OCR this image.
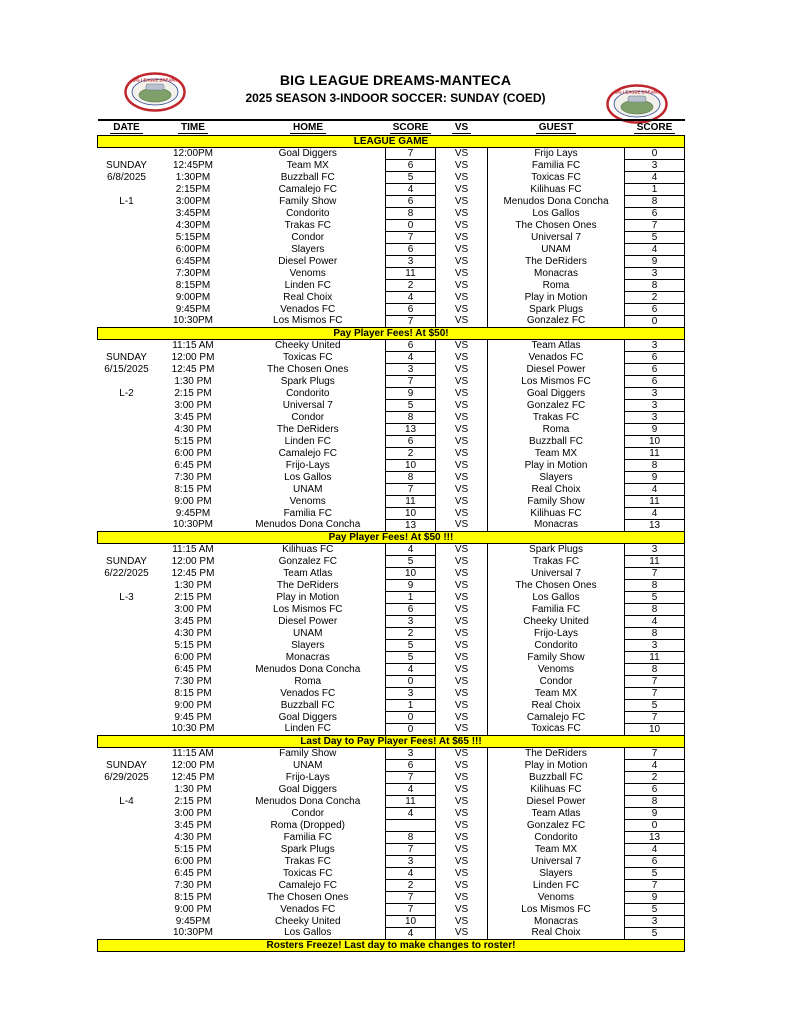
BIG LEAGUE DREAMS-MANTECA
2025 SEASON 3-INDOOR SOCCER: SUNDAY (COED)
BIG LEAGUE DREAMS
BIG LEAGUE DREAMS
DATE	TIME	HOME	SCORE	VS	GUEST	SCORE
LEAGUE GAME						
	12:00PM	Goal Diggers	7	VS	Frijo Lays	0
SUNDAY	12:45PM	Team MX	6	VS	Familia FC	3
6/8/2025	1:30PM	Buzzball FC	5	VS	Toxicas FC	4
	2:15PM	Camalejo FC	4	VS	Kilihuas FC	1
L-1	3:00PM	Family Show	6	VS	Menudos Dona Concha	8
	3:45PM	Condorito	8	VS	Los Gallos	6
	4:30PM	Trakas FC	0	VS	The Chosen Ones	7
	5:15PM	Condor	7	VS	Universal 7	5
	6:00PM	Slayers	6	VS	UNAM	4
	6:45PM	Diesel Power	3	VS	The DeRiders	9
	7:30PM	Venoms	11	VS	Monacras	3
	8:15PM	Linden FC	2	VS	Roma	8
	9:00PM	Real Choix	4	VS	Play in Motion	2
	9:45PM	Venados FC	6	VS	Spark Plugs	6
	10:30PM	Los Mismos FC	7	VS	Gonzalez FC	0
Pay Player Fees! At $50!						
	11:15 AM	Cheeky United	6	VS	Team Atlas	3
SUNDAY	12:00 PM	Toxicas FC	4	VS	Venados FC	6
6/15/2025	12:45 PM	The Chosen Ones	3	VS	Diesel Power	6
	1:30 PM	Spark Plugs	7	VS	Los Mismos FC	6
L-2	2:15 PM	Condorito	9	VS	Goal Diggers	3
	3:00 PM	Universal 7	5	VS	Gonzalez FC	3
	3:45 PM	Condor	8	VS	Trakas FC	3
	4:30 PM	The DeRiders	13	VS	Roma	9
	5:15 PM	Linden FC	6	VS	Buzzball FC	10
	6:00 PM	Camalejo FC	2	VS	Team MX	11
	6:45 PM	Frijo-Lays	10	VS	Play in Motion	8
	7:30 PM	Los Gallos	8	VS	Slayers	9
	8:15 PM	UNAM	7	VS	Real Choix	4
	9:00 PM	Venoms	11	VS	Family Show	11
	9:45PM	Familia FC	10	VS	Kilihuas FC	4
	10:30PM	Menudos Dona Concha	13	VS	Monacras	13
Pay Player Fees! At $50 !!!						
	11:15 AM	Kilihuas FC	4	VS	Spark Plugs	3
SUNDAY	12:00 PM	Gonzalez FC	5	VS	Trakas FC	11
6/22/2025	12:45 PM	Team Atlas	10	VS	Universal 7	7
	1:30 PM	The DeRiders	9	VS	The Chosen Ones	8
L-3	2:15 PM	Play in Motion	1	VS	Los Gallos	5
	3:00 PM	Los Mismos FC	6	VS	Familia FC	8
	3:45 PM	Diesel Power	3	VS	Cheeky United	4
	4:30 PM	UNAM	2	VS	Frijo-Lays	8
	5:15 PM	Slayers	5	VS	Condorito	3
	6:00 PM	Monacras	5	VS	Family Show	11
	6:45 PM	Menudos Dona Concha	4	VS	Venoms	8
	7:30 PM	Roma	0	VS	Condor	7
	8:15 PM	Venados FC	3	VS	Team MX	7
	9:00 PM	Buzzball FC	1	VS	Real Choix	5
	9:45 PM	Goal Diggers	0	VS	Camalejo FC	7
	10:30 PM	Linden FC	0	VS	Toxicas FC	10
Last Day to Pay Player Fees! At $65 !!!						
	11:15 AM	Family Show	3	VS	The DeRiders	7
SUNDAY	12:00 PM	UNAM	6	VS	Play in Motion	4
6/29/2025	12:45 PM	Frijo-Lays	7	VS	Buzzball FC	2
	1:30 PM	Goal Diggers	4	VS	Kilihuas FC	6
L-4	2:15 PM	Menudos Dona Concha	11	VS	Diesel Power	8
	3:00 PM	Condor	4	VS	Team Atlas	9
	3:45 PM	Roma (Dropped)		VS	Gonzalez FC	0
	4:30 PM	Familia FC	8	VS	Condorito	13
	5:15 PM	Spark Plugs	7	VS	Team MX	4
	6:00 PM	Trakas FC	3	VS	Universal 7	6
	6:45 PM	Toxicas FC	4	VS	Slayers	5
	7:30 PM	Camalejo FC	2	VS	Linden FC	7
	8:15 PM	The Chosen Ones	7	VS	Venoms	9
	9:00 PM	Venados FC	7	VS	Los Mismos FC	5
	9:45PM	Cheeky United	10	VS	Monacras	3
	10:30PM	Los Gallos	4	VS	Real Choix	5
Rosters Freeze! Last day to make changes to roster!						
